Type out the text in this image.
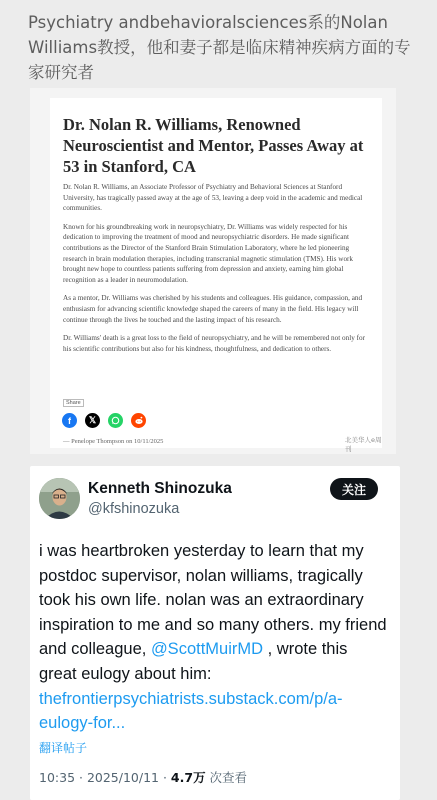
Psychiatry andbehavioralsciences系的Nolan Williams教授，他和妻子都是临床精神疾病方面的专家研究者
Dr. Nolan R. Williams, Renowned Neuroscientist and Mentor, Passes Away at 53 in Stanford, CA

Dr. Nolan R. Williams, an Associate Professor of Psychiatry and Behavioral Sciences at Stanford University, has tragically passed away at the age of 53, leaving a deep void in the academic and medical communities.

Known for his groundbreaking work in neuropsychiatry, Dr. Williams was widely respected for his dedication to improving the treatment of mood and neuropsychiatric disorders. He made significant contributions as the Director of the Stanford Brain Stimulation Laboratory, where he led pioneering research in brain modulation therapies, including transcranial magnetic stimulation (TMS). His work brought new hope to countless patients suffering from depression and anxiety, earning him global recognition as a leader in neuromodulation.

As a mentor, Dr. Williams was cherished by his students and colleagues. His guidance, compassion, and enthusiasm for advancing scientific knowledge shaped the careers of many in the field. His legacy will continue through the lives he touched and the lasting impact of his research.

Dr. Williams' death is a great loss to the field of neuropsychiatry, and he will be remembered not only for his scientific contributions but also for his kindness, thoughtfulness, and dedication to others.

Share
f	𝕏
— Penelope Thompson on 10/11/2025	北美华人e周刊
Kenneth Shinozuka
@kfshinozuka
关注
i was heartbroken yesterday to learn that my postdoc supervisor, nolan williams, tragically took his own life. nolan was an extraordinary inspiration to me and so many others. my friend and colleague, @ScottMuirMD , wrote this great eulogy about him:
thefrontierpsychiatrists.substack.com/p/a-eulogy-for...
翻译帖子
10:35 · 2025/10/11 · 4.7万 次查看
